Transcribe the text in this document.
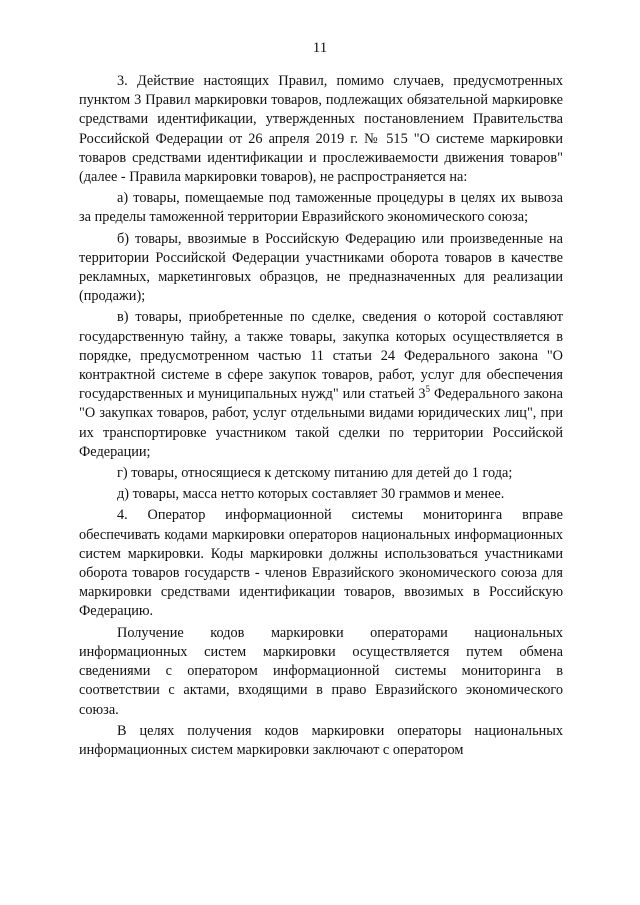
11

3. Действие настоящих Правил, помимо случаев, предусмотренных пунктом 3 Правил маркировки товаров, подлежащих обязательной маркировке средствами идентификации, утвержденных постановлением Правительства Российской Федерации от 26 апреля 2019 г. № 515 "О системе маркировки товаров средствами идентификации и прослеживаемости движения товаров" (далее - Правила маркировки товаров), не распространяется на:

а) товары, помещаемые под таможенные процедуры в целях их вывоза за пределы таможенной территории Евразийского экономического союза;

б) товары, ввозимые в Российскую Федерацию или произведенные на территории Российской Федерации участниками оборота товаров в качестве рекламных, маркетинговых образцов, не предназначенных для реализации (продажи);

в) товары, приобретенные по сделке, сведения о которой составляют государственную тайну, а также товары, закупка которых осуществляется в порядке, предусмотренном частью 11 статьи 24 Федерального закона "О контрактной системе в сфере закупок товаров, работ, услуг для обеспечения государственных и муниципальных нужд" или статьей $3^5$ Федерального закона "О закупках товаров, работ, услуг отдельными видами юридических лиц", при их транспортировке участником такой сделки по территории Российской Федерации;

г) товары, относящиеся к детскому питанию для детей до 1 года;

д) товары, масса нетто которых составляет 30 граммов и менее.

4. Оператор информационной системы мониторинга вправе обеспечивать кодами маркировки операторов национальных информационных систем маркировки. Коды маркировки должны использоваться участниками оборота товаров государств - членов Евразийского экономического союза для маркировки средствами идентификации товаров, ввозимых в Российскую Федерацию.

Получение кодов маркировки операторами национальных информационных систем маркировки осуществляется путем обмена сведениями с оператором информационной системы мониторинга в соответствии с актами, входящими в право Евразийского экономического союза.

В целях получения кодов маркировки операторы национальных информационных систем маркировки заключают с оператором
